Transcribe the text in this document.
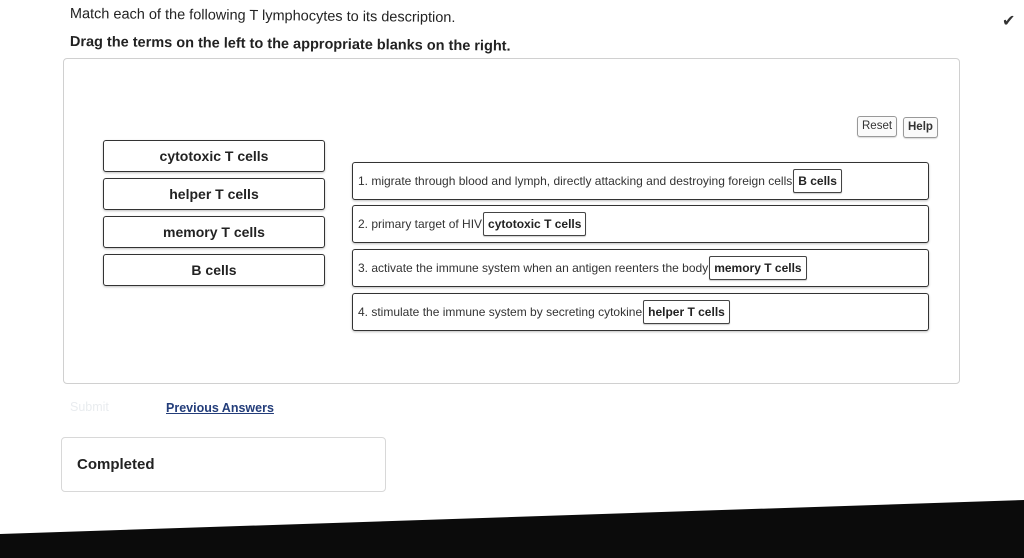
✔
Match each of the following T lymphocytes to its description.
Drag the terms on the left to the appropriate blanks on the right.
Reset	Help
cytotoxic T cells
helper T cells
memory T cells
B cells
1. migrate through blood and lymph, directly attacking and destroying foreign cells B cells
2. primary target of HIV cytotoxic T cells
3. activate the immune system when an antigen reenters the body memory T cells
4. stimulate the immune system by secreting cytokine helper T cells
Submit	Previous Answers
Completed
